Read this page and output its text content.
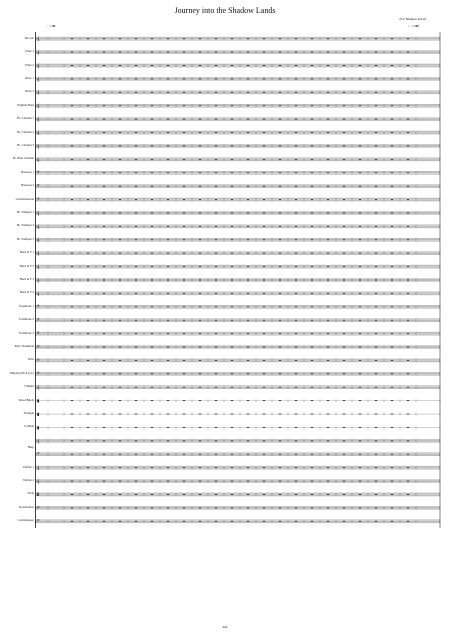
Journey into the Shadow Lands
Eric Madison Konsif
♩ = 80	♩ = 100
Piccolo
Flute 1
Flute 2
Oboe 1
Oboe 2
English Horn
B♭ Clarinet 1
B♭ Clarinet 2
B♭ Clarinet 3
B♭ Bass Clarinet
Bassoon 1
Bassoon 2
Contrabassoon
B♭ Trumpet 1
B♭ Trumpet 2
B♭ Trumpet 3
Horn in F 1
Horn in F 2
Horn in F 3
Horn in F 4
Trombone 1
Trombone 2
Trombone 3
Bass Trombone
Tuba
Timpani (Eb,F,G,C)
Chimes
Wood Block
Triangle
Cymbal
Harp
Violins 1
Violins 2
Viola
Violoncellos
Contrabasses
𝄞
𝄞
𝄞
𝄞
𝄞
𝄞
𝄞
𝄞
𝄞
𝄞
𝄢
𝄢
𝄢
𝄞
𝄞
𝄞
𝄞
𝄞
𝄞
𝄞
𝄢
𝄢
𝄢
𝄢
𝄢
𝄢
𝄞
▮
▮
▮
𝄞
𝄢
𝄞
𝄞
𝄡
𝄢
𝄢
###
